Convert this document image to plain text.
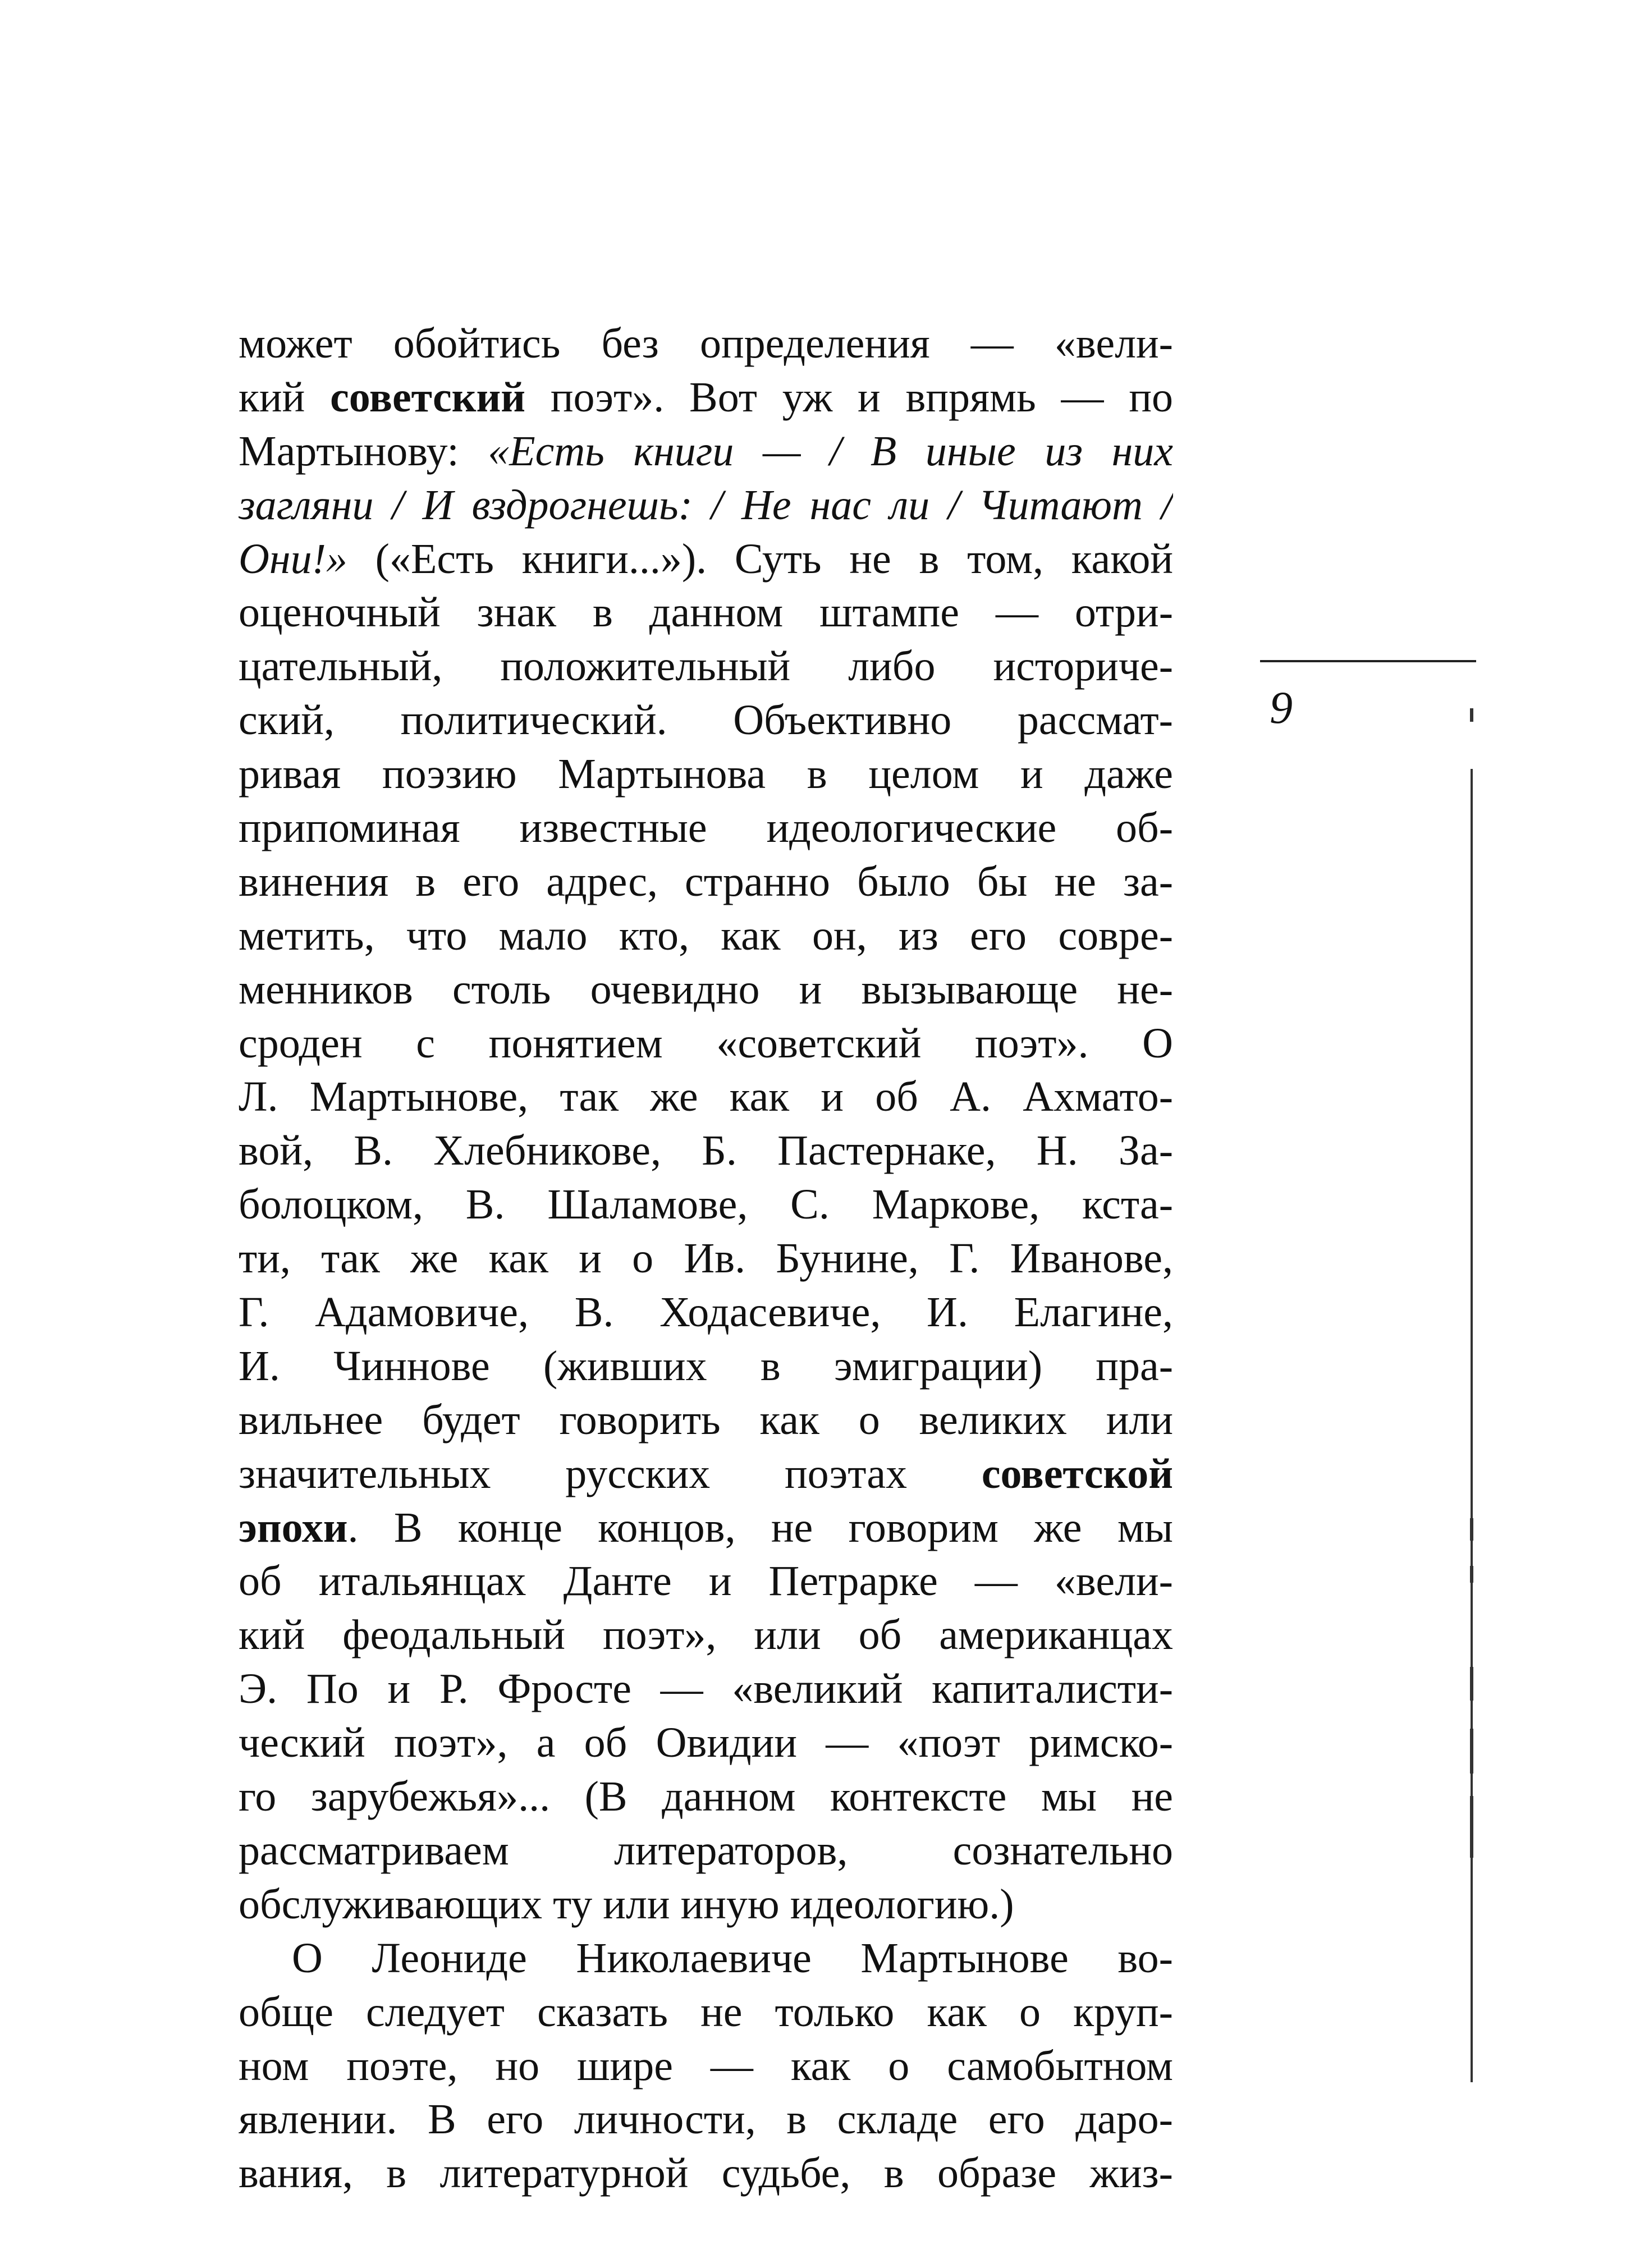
может обойтись без определения — «вели-
кий советский поэт». Вот уж и впрямь — по
Мартынову: «Есть книги — / В иные из них
загляни / И вздрогнешь: / Не нас ли / Читают /
Они!» («Есть книги...»). Суть не в том, какой
оценочный знак в данном штампе — отри-
цательный, положительный либо историче-
ский, политический. Объективно рассмат-
ривая поэзию Мартынова в целом и даже
припоминая известные идеологические об-
винения в его адрес, странно было бы не за-
метить, что мало кто, как он, из его совре-
менников столь очевидно и вызывающе не-
сроден с понятием «советский поэт». О
Л. Мартынове, так же как и об А. Ахмато-
вой, В. Хлебникове, Б. Пастернаке, Н. За-
болоцком, В. Шаламове, С. Маркове, кста-
ти, так же как и о Ив. Бунине, Г. Иванове,
Г. Адамовиче, В. Ходасевиче, И. Елагине,
И. Чиннове (живших в эмиграции) пра-
вильнее будет говорить как о великих или
значительных русских поэтах советской
эпохи. В конце концов, не говорим же мы
об итальянцах Данте и Петрарке — «вели-
кий феодальный поэт», или об американцах
Э. По и Р. Фросте — «великий капиталисти-
ческий поэт», а об Овидии — «поэт римско-
го зарубежья»... (В данном контексте мы не
рассматриваем литераторов, сознательно
обслуживающих ту или иную идеологию.)
О Леониде Николаевиче Мартынове во-
обще следует сказать не только как о круп-
ном поэте, но шире — как о самобытном
явлении. В его личности, в складе его даро-
вания, в литературной судьбе, в образе жиз-
9
